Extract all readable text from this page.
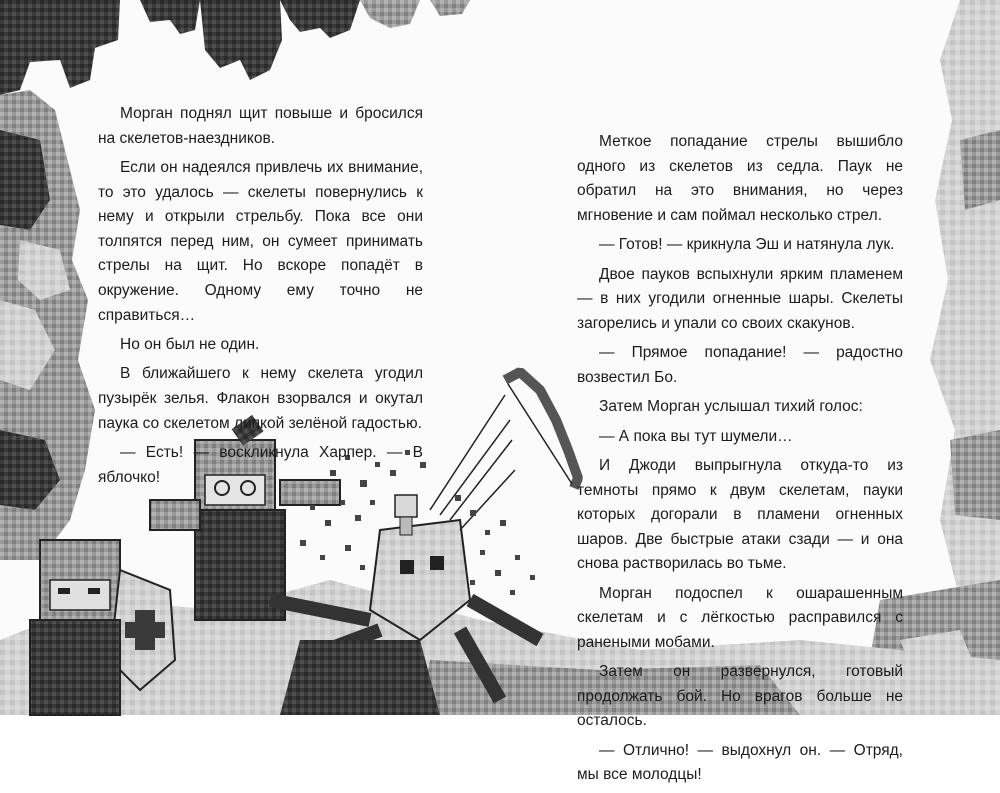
Морган поднял щит повыше и бросился на скелетов-наездников.

Если он надеялся привлечь их внимание, то это удалось — скелеты повернулись к нему и открыли стрельбу. Пока все они толпятся перед ним, он сумеет принимать стрелы на щит. Но вскоре попадёт в окружение. Одному ему точно не справиться…

Но он был не один.

В ближайшего к нему скелета угодил пузырёк зелья. Флакон взорвался и окутал паука со скелетом липкой зелёной гадостью.

— Есть! — воскликнула Харпер. — В яблочко!

Меткое попадание стрелы вышибло одного из скелетов из седла. Паук не обратил на это внимания, но через мгновение и сам поймал несколько стрел.

— Готов! — крикнула Эш и натянула лук.

Двое пауков вспыхнули ярким пламенем — в них угодили огненные шары. Скелеты загорелись и упали со своих скакунов.

— Прямое попадание! — радостно возвестил Бо.

Затем Морган услышал тихий голос:

— А пока вы тут шумели…

И Джоди выпрыгнула откуда-то из темноты прямо к двум скелетам, пауки которых догорали в пламени огненных шаров. Две быстрые атаки сзади — и она снова растворилась во тьме.

Морган подоспел к ошарашенным скелетам и с лёгкостью расправился с ранеными мобами.

Затем он развернулся, готовый продолжать бой. Но врагов больше не осталось.

— Отлично! — выдохнул он. — Отряд, мы все молодцы!
